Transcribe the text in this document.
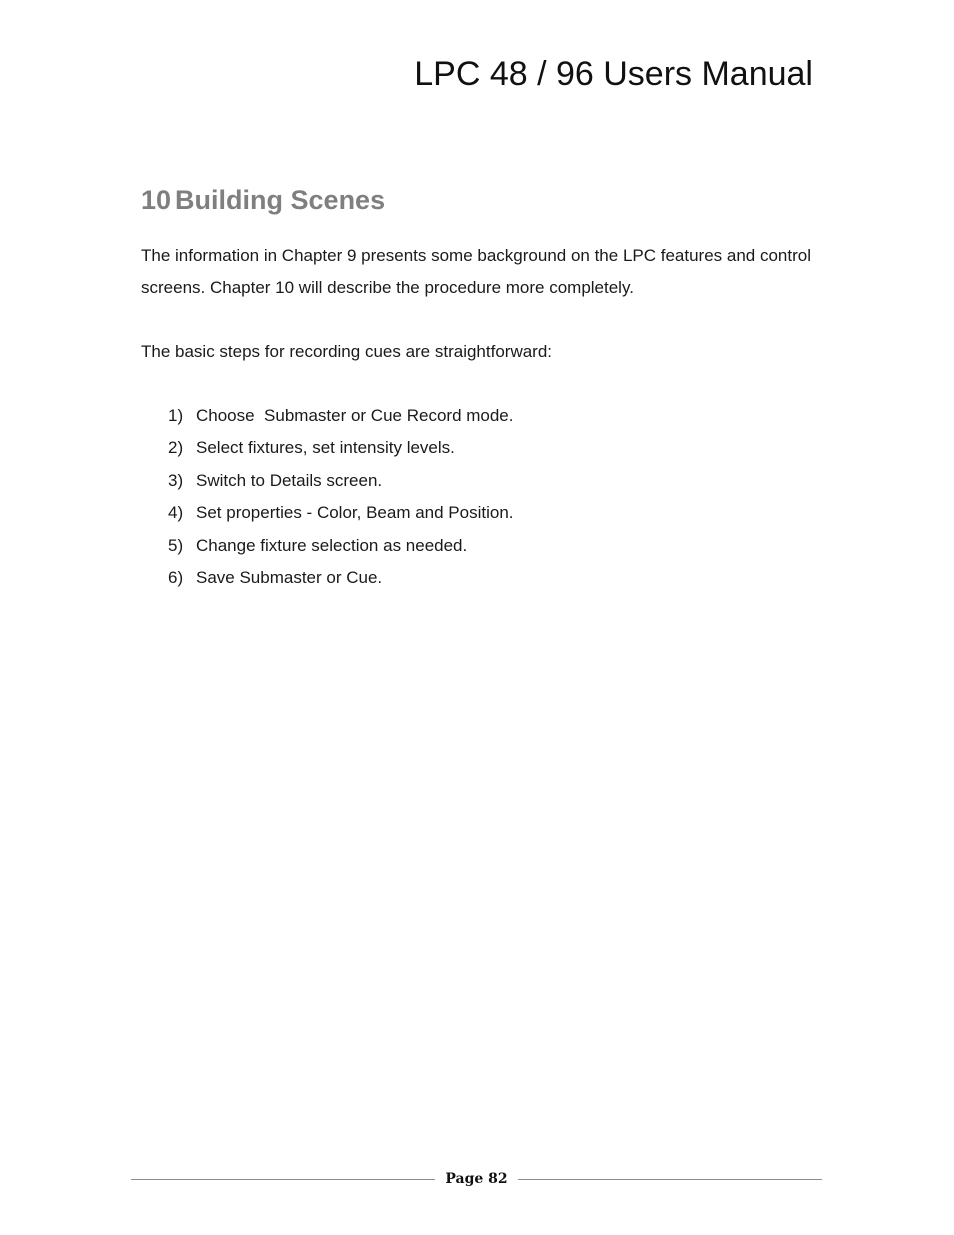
LPC 48 / 96 Users Manual
10 Building Scenes

The information in Chapter 9 presents some background on the LPC features and control screens. Chapter 10 will describe the procedure more completely.

The basic steps for recording cues are straightforward:

1) Choose  Submaster or Cue Record mode.
2) Select fixtures, set intensity levels.
3) Switch to Details screen.
4) Set properties - Color, Beam and Position.
5) Change fixture selection as needed.
6) Save Submaster or Cue.
Page 82
